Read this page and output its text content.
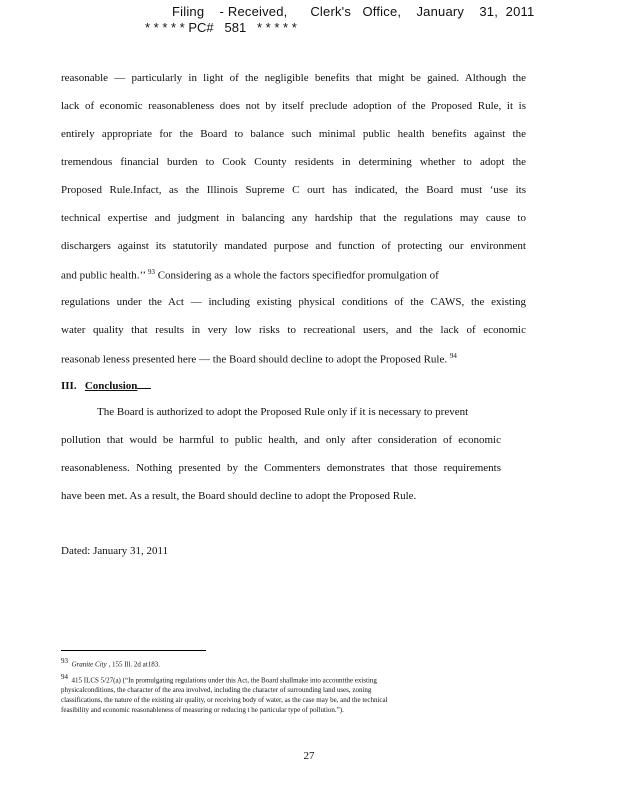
Filing    - Received,      Clerk's   Office,    January    31,  2011
* * * * * PC#   581   * * * * *
reasonable — particularly in light of the negligible benefits that might be gained. Although the
lack of economic reasonableness does not by itself preclude adoption of the Proposed Rule, it is
entirely appropriate for the Board to balance such minimal public health benefits against the
tremendous financial burden to Cook County residents in determining whether to adopt the
Proposed Rule.Infact, as the Illinois Supreme C ourt has indicated, the Board must ‘use its
technical expertise and judgment in balancing any hardship that the regulations may cause to
dischargers against its statutorily mandated purpose and function of protecting our environment
and public health.’’ $^{93}$ Considering as a whole the factors specifiedfor promulgation of
regulations under the Act — including existing physical conditions of the CAWS, the existing
water quality that results in very low risks to recreational users, and the lack of economic
reasonab leness presented here — the Board should decline to adopt the Proposed Rule. $^{94}$
III. Conclusion
The Board is authorized to adopt the Proposed Rule only if it is necessary to prevent
pollution that would be harmful to public health, and only after consideration of economic
reasonableness. Nothing presented by the Commenters demonstrates that those requirements
have been met. As a result, the Board should decline to adopt the Proposed Rule.
Dated: January 31, 2011
93 Granite City , 155 Ill. 2d at183.
94 415 ILCS 5/27(a) (“In promulgating regulations under this Act, the Board shallmake into accountthe existing
physicalconditions, the character of the area involved, including the character of surrounding land uses, zoning
classifications, the nature of the existing air quality, or receiving body of water, as the case may be, and the technical
feasibility and economic reasonableness of measuring or reducing t he particular type of pollution.”).
27
